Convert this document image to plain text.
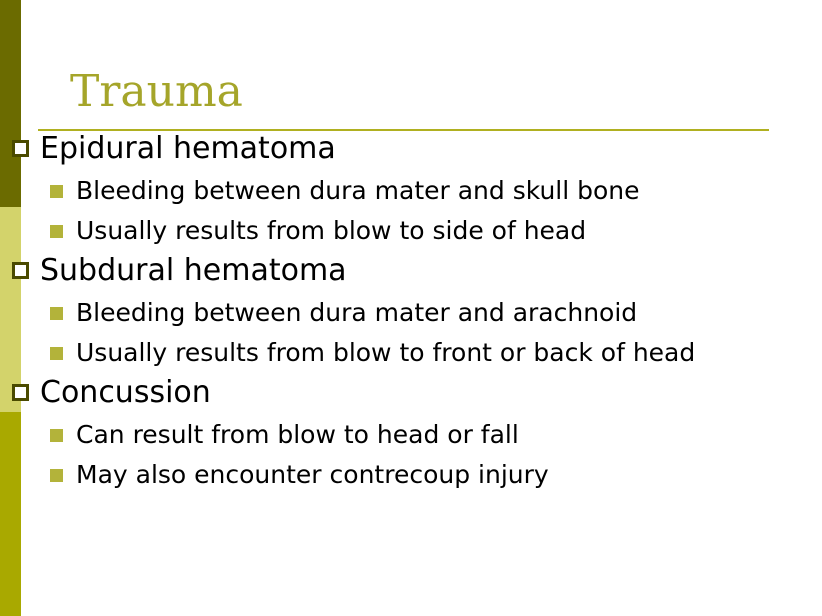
Trauma
Epidural hematoma
Bleeding between dura mater and skull bone
Usually results from blow to side of head
Subdural hematoma
Bleeding between dura mater and arachnoid
Usually results from blow to front or back of head
Concussion
Can result from blow to head or fall
May also encounter contrecoup injury
